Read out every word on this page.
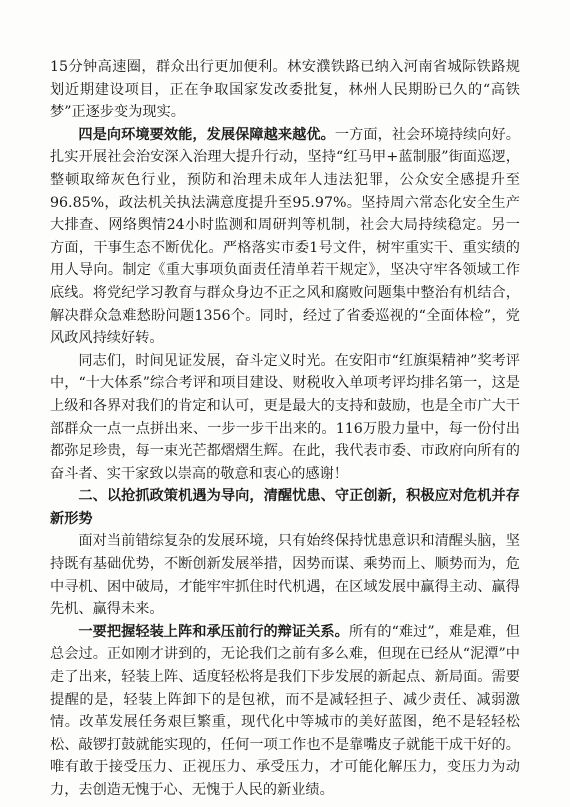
15分钟高速圈，群众出行更加便利。林安濮铁路已纳入河南省城际铁路规划近期建设项目，正在争取国家发改委批复，林州人民期盼已久的“高铁梦”正逐步变为现实。

四是向环境要效能，发展保障越来越优。一方面，社会环境持续向好。扎实开展社会治安深入治理大提升行动，坚持“红马甲+蓝制服”街面巡逻，整顿取缔灰色行业，预防和治理未成年人违法犯罪，公众安全感提升至96.85%，政法机关执法满意度提升至95.97%。坚持周六常态化安全生产大排查、网络舆情24小时监测和周研判等机制，社会大局持续稳定。另一方面，干事生态不断优化。严格落实市委1号文件，树牢重实干、重实绩的用人导向。制定《重大事项负面责任清单若干规定》，坚决守牢各领域工作底线。将党纪学习教育与群众身边不正之风和腐败问题集中整治有机结合，解决群众急难愁盼问题1356个。同时，经过了省委巡视的“全面体检”，党风政风持续好转。

同志们，时间见证发展，奋斗定义时光。在安阳市“红旗渠精神”奖考评中，“十大体系”综合考评和项目建设、财税收入单项考评均排名第一，这是上级和各界对我们的肯定和认可，更是最大的支持和鼓励，也是全市广大干部群众一点一点拼出来、一步一步干出来的。116万股力量中，每一份付出都弥足珍贵，每一束光芒都熠熠生辉。在此，我代表市委、市政府向所有的奋斗者、实干家致以崇高的敬意和衷心的感谢！

二、以抢抓政策机遇为导向，清醒忧患、守正创新，积极应对危机并存新形势

面对当前错综复杂的发展环境，只有始终保持忧患意识和清醒头脑，坚持既有基础优势，不断创新发展举措，因势而谋、乘势而上、顺势而为，危中寻机、困中破局，才能牢牢抓住时代机遇，在区域发展中赢得主动、赢得先机、赢得未来。

一要把握轻装上阵和承压前行的辩证关系。所有的“难过”，难是难，但总会过。正如刚才讲到的，无论我们之前有多么难，但现在已经从“泥潭”中走了出来，轻装上阵、适度轻松将是我们下步发展的新起点、新局面。需要提醒的是，轻装上阵卸下的是包袱，而不是减轻担子、减少责任、减弱激情。改革发展任务艰巨繁重，现代化中等城市的美好蓝图，绝不是轻轻松松、敲锣打鼓就能实现的，任何一项工作也不是靠嘴皮子就能干成干好的。唯有敢于接受压力、正视压力、承受压力，才可能化解压力，变压力为动力，去创造无愧于心、无愧于人民的新业绩。
